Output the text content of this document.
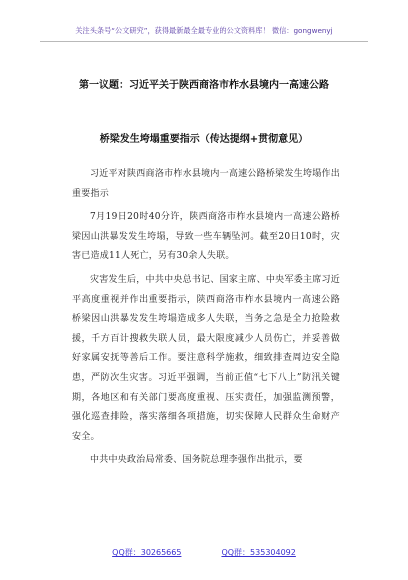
关注头条号“公文研究”，获得最新最全最专业的公文资料库！ 微信：gongwenyj
第一议题：习近平关于陕西商洛市柞水县境内一高速公路
桥梁发生垮塌重要指示（传达提纲+贯彻意见）

习近平对陕西商洛市柞水县境内一高速公路桥梁发生垮塌作出重要指示

7月19日20时40分许，陕西商洛市柞水县境内一高速公路桥梁因山洪暴发发生垮塌，导致一些车辆坠河。截至20日10时，灾害已造成11人死亡，另有30余人失联。

灾害发生后，中共中央总书记、国家主席、中央军委主席习近平高度重视并作出重要指示，陕西商洛市柞水县境内一高速公路桥梁因山洪暴发发生垮塌造成多人失联，当务之急是全力抢险救援，千方百计搜救失联人员，最大限度减少人员伤亡，并妥善做好家属安抚等善后工作。要注意科学施救，细致排查周边安全隐患，严防次生灾害。习近平强调，当前正值“七下八上”防汛关键期，各地区和有关部门要高度重视、压实责任，加强监测预警，强化巡查排险，落实落细各项措施，切实保障人民群众生命财产安全。

中共中央政治局常委、国务院总理李强作出批示，要

QQ群：30265665	QQ群：535304092
